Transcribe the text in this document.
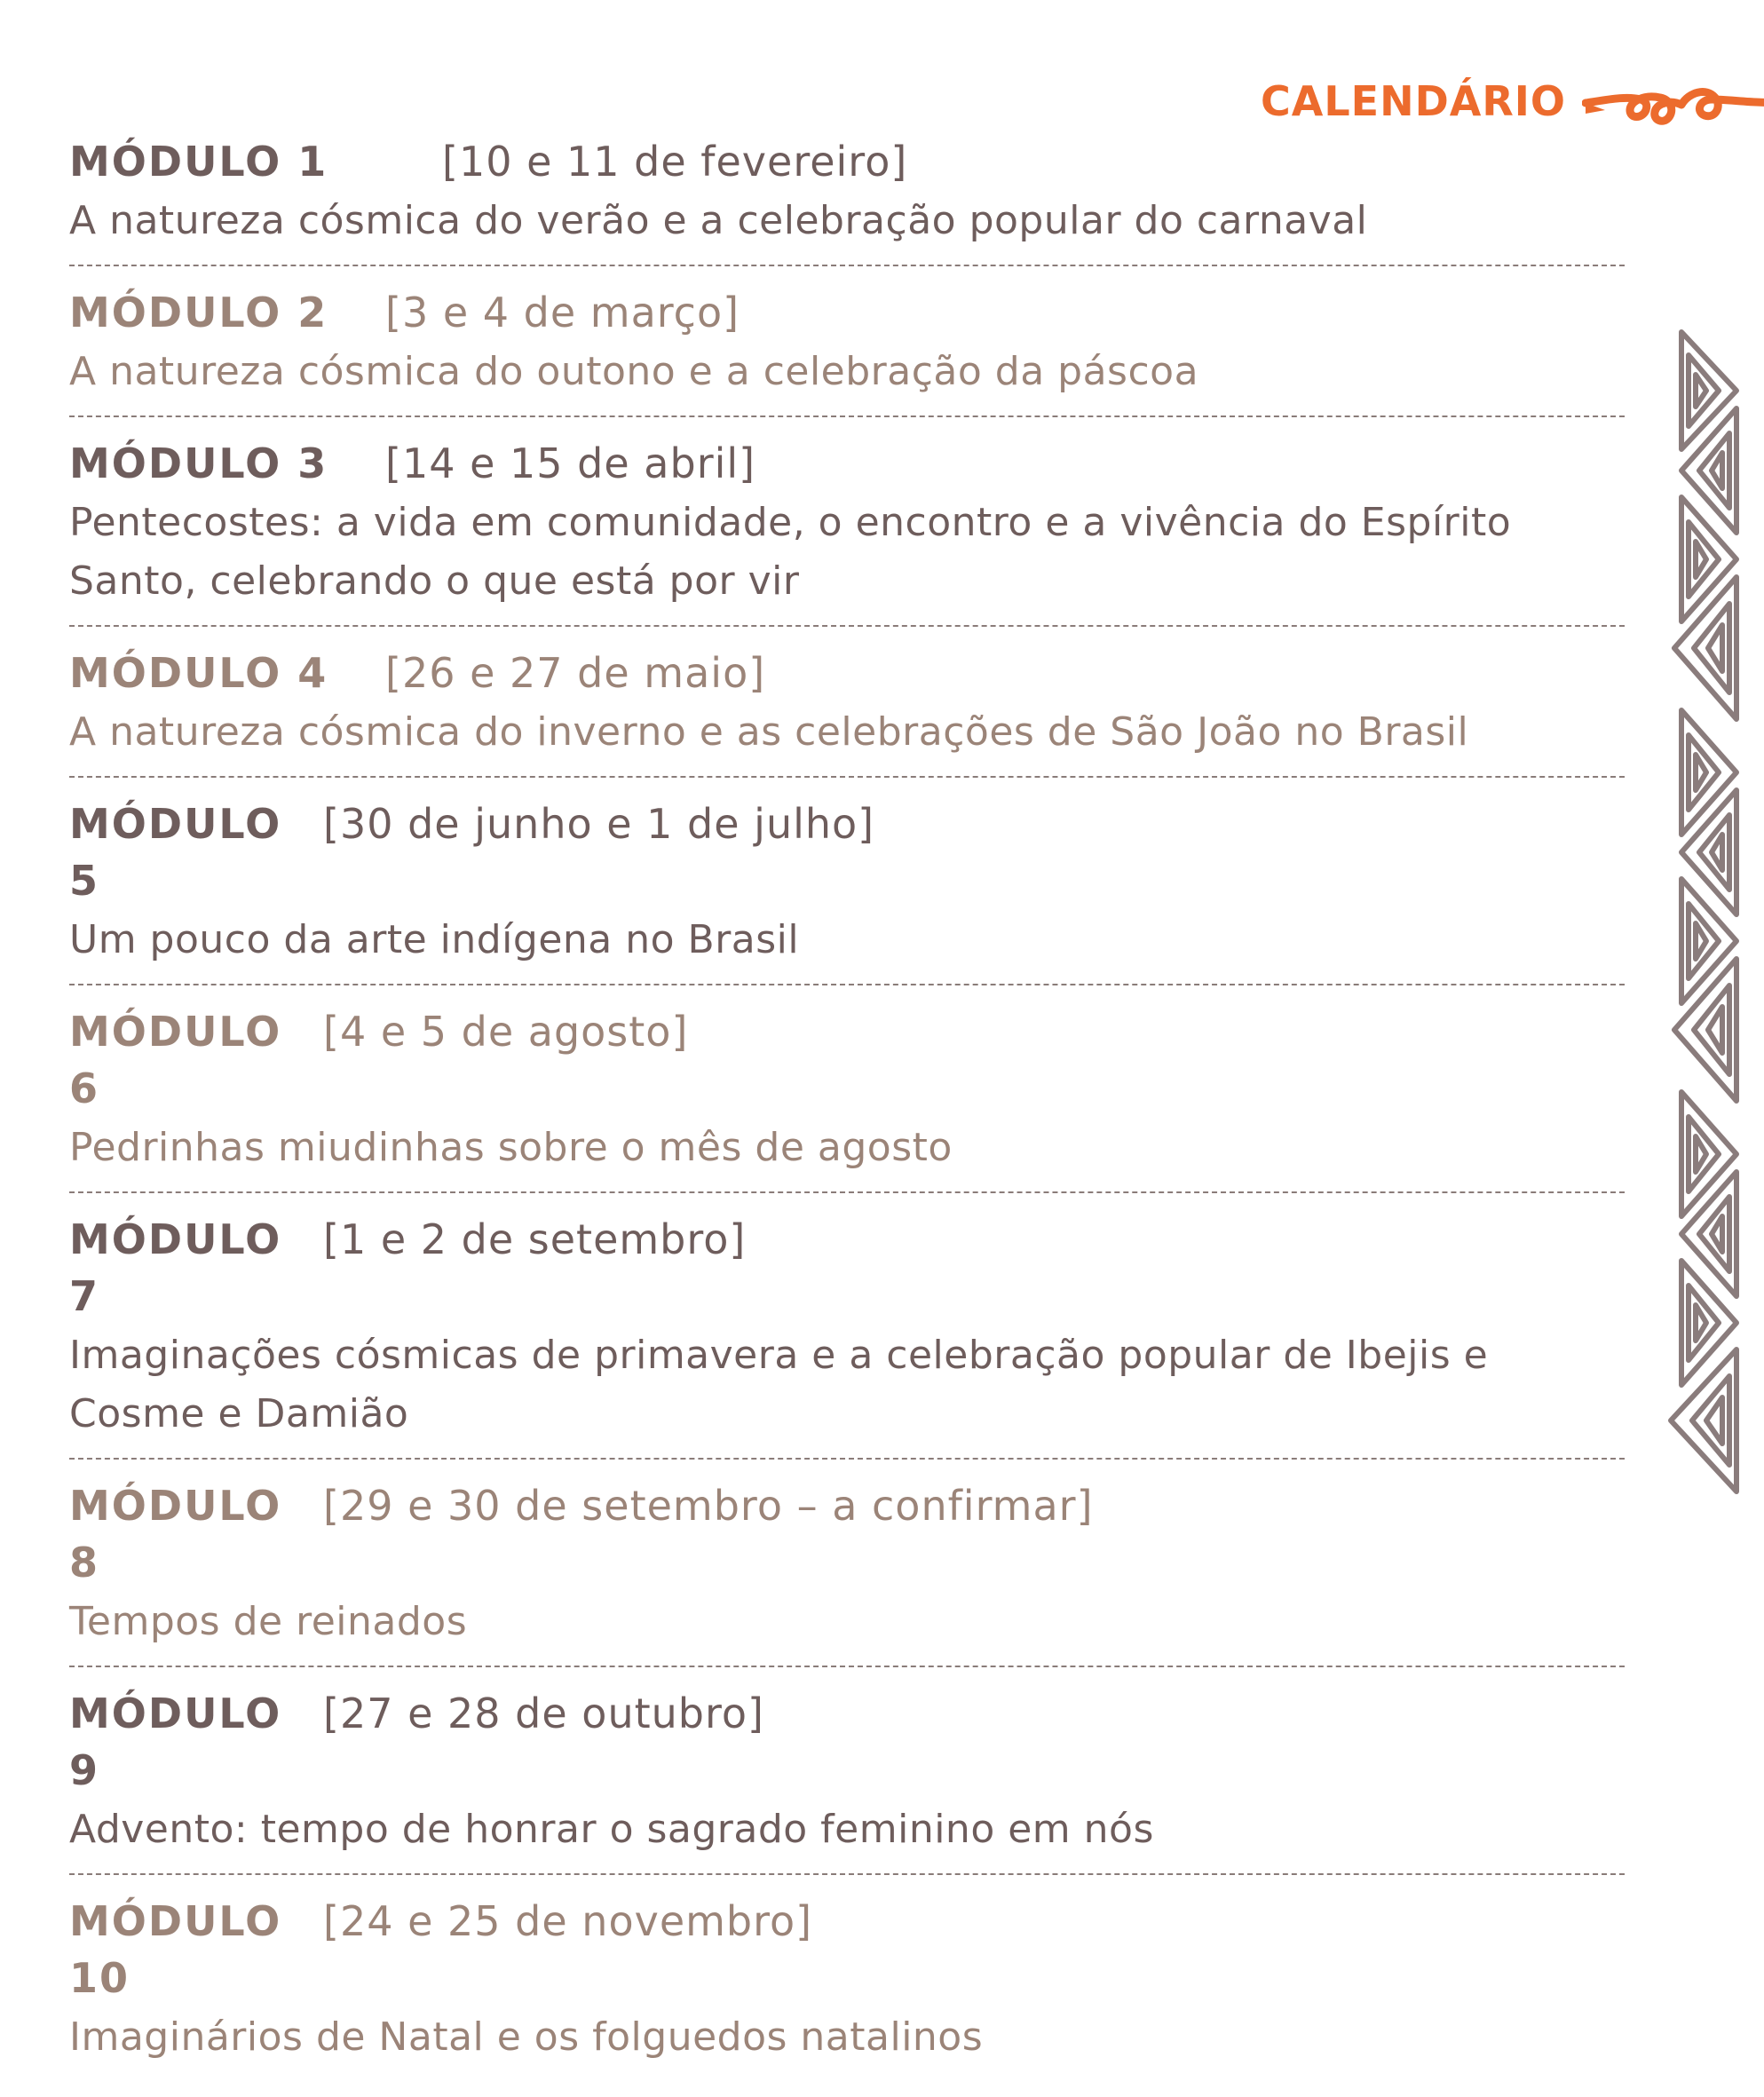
CALENDÁRIO
MÓDULO 1	[10 e 11 de fevereiro]
A natureza cósmica do verão e a celebração popular do carnaval
MÓDULO 2	[3 e 4 de março]
A natureza cósmica do outono e a celebração da páscoa
MÓDULO 3	[14 e 15 de abril]
Pentecostes: a vida em comunidade, o encontro e a vivência do Espírito Santo, celebrando o que está por vir
MÓDULO 4	[26 e 27 de maio]
A natureza cósmica do inverno e as celebrações de São João no Brasil
MÓDULO 5
[30 de junho e 1 de julho]
Um pouco da arte indígena no Brasil
MÓDULO 6
[4 e 5 de agosto]
Pedrinhas miudinhas sobre o mês de agosto
MÓDULO 7
[1 e 2 de setembro]
Imaginações cósmicas de primavera e a celebração popular de Ibejis e Cosme e Damião
MÓDULO 8
[29 e 30 de setembro – a confirmar]
Tempos de reinados
MÓDULO 9
[27 e 28 de outubro]
Advento: tempo de honrar o sagrado feminino em nós
MÓDULO 10
[24 e 25 de novembro]
Imaginários de Natal e os folguedos natalinos
